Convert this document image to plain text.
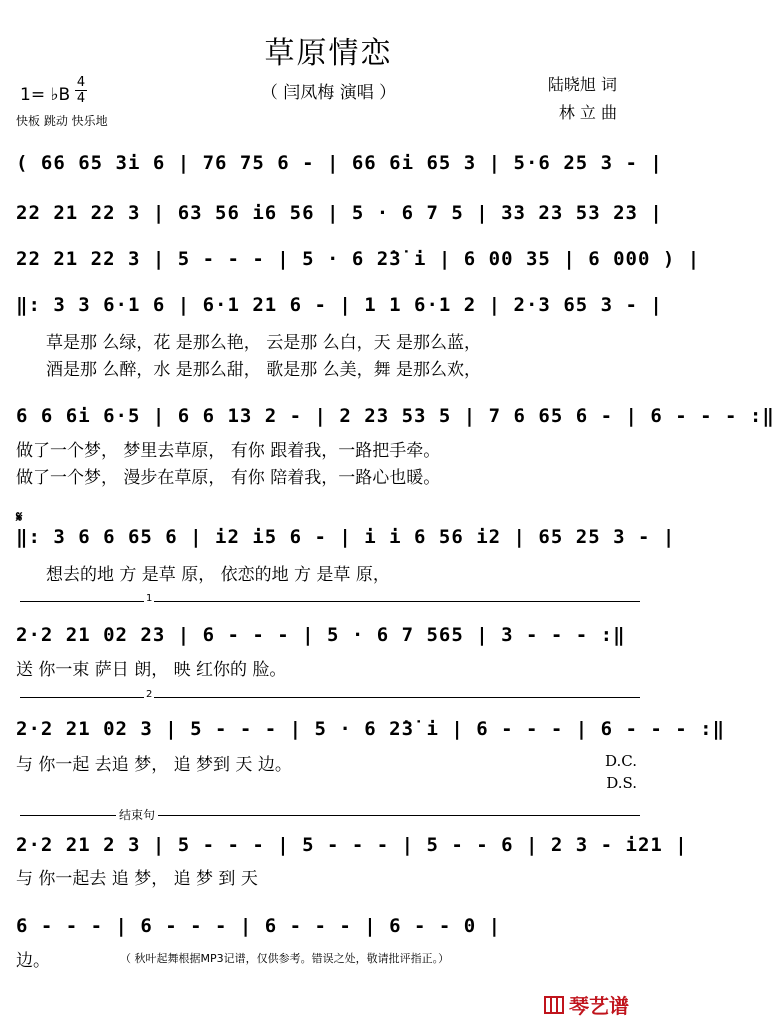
草原情恋
（ 闫凤梅 演唱 ）
1= ♭B
4
4
快板 跳动 快乐地
陆晓旭 词
林 立 曲
( 66 65 3i 6 | 76 75 6 - | 66 6i 65 3 | 5·6 25 3 - |
22 21 22 3 | 63 56 i6 56 | 5 · 6 7 5 | 33 23 53 23 |
22 21 22 3 | 5 - - - | 5 · 6 2̇3̇ i | 6 00 35 | 6 000 ) |
‖: 3 3 6·1 6 | 6·1 21 6 - | 1 1 6·1 2 | 2·3 65 3 - |
草是那 么绿，花 是那么艳， 云是那 么白，天 是那么蓝，
酒是那 么醉，水 是那么甜， 歌是那 么美，舞 是那么欢，
6 6 6i 6·5 | 6 6 13 2 - | 2 23 53 5 | 7 6 65 6 - | 6 - - - :‖
做了一个梦， 梦里去草原， 有你 跟着我，一路把手牵。
做了一个梦， 漫步在草原， 有你 陪着我，一路心也暖。
𝄋
‖: 3 6 6 65 6 | i2 i5 6 - | i i 6 56 i2 | 65 25 3 - |
想去的地 方 是草 原， 依恋的地 方 是草 原，
1
2·2 21 02 23 | 6 - - - | 5 · 6 7 565 | 3 - - - :‖
送 你一束 萨日 朗， 映 红你的 脸。
2
2·2 21 02 3 | 5 - - - | 5 · 6 2̇3̇ i | 6 - - - | 6 - - - :‖
与 你一起 去追 梦， 追 梦到 天 边。	D.C.
D.S.
结束句
2·2 21 2 3 | 5 - - - | 5 - - - | 5 - - 6 | 2 3 - i21 |
与 你一起去 追 梦， 追 梦 到 天
6 - - - | 6 - - - | 6 - - - | 6 - - 0 |
边。	（ 秋叶起舞根据MP3记谱，仅供参考。错误之处，敬请批评指正。）
琴艺谱
